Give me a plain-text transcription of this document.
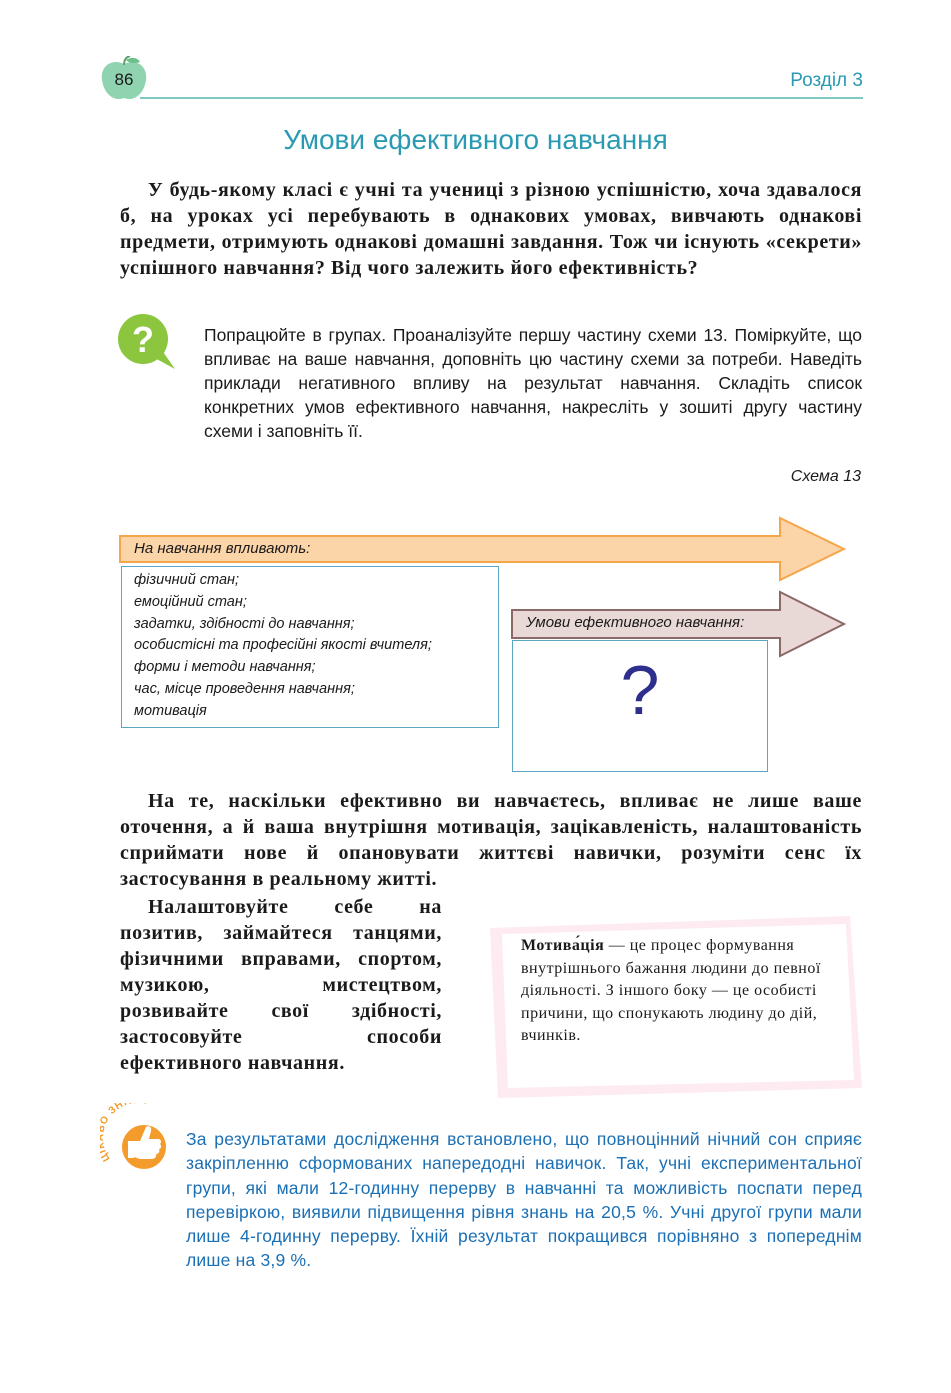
86	Розділ 3
Умови ефективного навчання
У будь-якому класі є учні та учениці з різною успішністю, хоча здавалося б, на уроках усі перебувають в однакових умовах, вивчають однакові предмети, отримують однакові домашні завдання. Тож чи існують «секрети» успішного навчання? Від чого залежить його ефективність?
?	Попрацюйте в групах. Проаналізуйте першу частину схеми 13. Поміркуйте, що впливає на ваше навчання, доповніть цю частину схеми за потреби. Наведіть приклади негативного впливу на результат навчання. Складіть список конкретних умов ефективного навчання, накресліть у зошиті другу частину схеми і заповніть її.
Схема 13
На навчання впливають:
фізичний стан;
емоційний стан;
задатки, здібності до навчання;
особистісні та професійні якості вчителя;
форми і методи навчання;
час, місце проведення навчання;
мотивація
Умови ефективного навчання:
?
На те, наскільки ефективно ви навчаєтесь, впливає не лише ваше оточення, а й ваша внутрішня мотивація, зацікавленість, налаштованість сприймати нове й опановувати життєві навички, розуміти сенс їх застосування в реальному житті.
Налаштовуйте себе на позитив, займайтеся танцями, фізичними вправами, спортом, музикою, мистецтвом, розвивайте свої здібності, застосовуйте способи ефективного навчання.
Мотива́ція — це процес формування внутрішнього бажання людини до певної діяльності. З іншого боку — це особисті причини, що спонукають людину до дій, вчинків.
Ц ЗН
За результатами дослідження встановлено, що повноцінний нічний сон сприяє закріпленню сформованих напередодні навичок. Так, учні експериментальної групи, які мали 12-годинну перерву в навчанні та можливість поспати перед перевіркою, виявили підвищення рівня знань на 20,5 %. Учні другої групи мали лише 4-годинну перерву. Їхній результат покращився порівняно з попереднім лише на 3,9 %.
